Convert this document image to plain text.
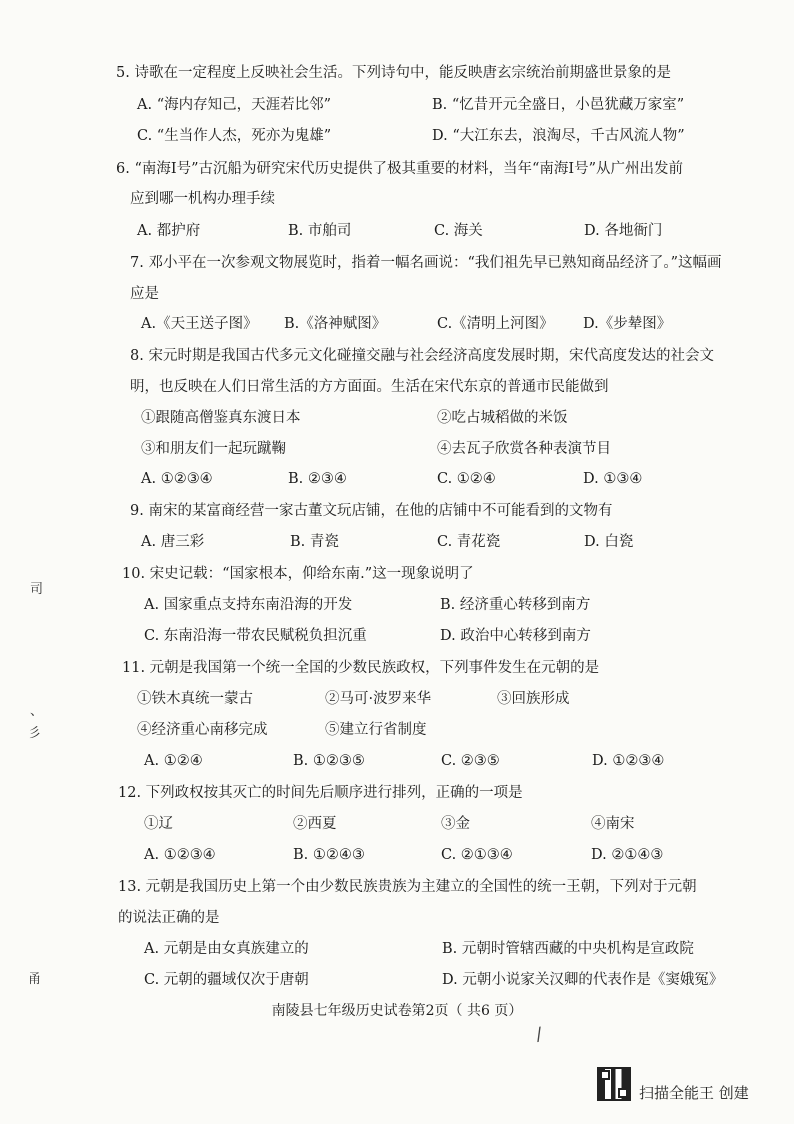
5. 诗歌在一定程度上反映社会生活。下列诗句中，能反映唐玄宗统治前期盛世景象的是
A. “海内存知己，天涯若比邻”	B. “忆昔开元全盛日，小邑犹藏万家室”
C. “生当作人杰，死亦为鬼雄”	D. “大江东去，浪淘尽，千古风流人物”
6. “南海Ⅰ号”古沉船为研究宋代历史提供了极其重要的材料，当年“南海Ⅰ号”从广州出发前
应到哪一机构办理手续
A. 都护府	B. 市舶司	C. 海关	D. 各地衙门
7. 邓小平在一次参观文物展览时，指着一幅名画说：“我们祖先早已熟知商品经济了。”这幅画
应是
A.《天王送子图》 B.《洛神赋图》	C.《清明上河图》 D.《步辇图》
8. 宋元时期是我国古代多元文化碰撞交融与社会经济高度发展时期，宋代高度发达的社会文
明，也反映在人们日常生活的方方面面。生活在宋代东京的普通市民能做到
①跟随高僧鉴真东渡日本	②吃占城稻做的米饭
③和朋友们一起玩蹴鞠	④去瓦子欣赏各种表演节目
A. ①②③④	B. ②③④	C. ①②④	D. ①③④
9. 南宋的某富商经营一家古董文玩店铺，在他的店铺中不可能看到的文物有
A. 唐三彩	B. 青瓷	C. 青花瓷	D. 白瓷
10. 宋史记载：“国家根本，仰给东南.”这一现象说明了
A. 国家重点支持东南沿海的开发	B. 经济重心转移到南方
C. 东南沿海一带农民赋税负担沉重	D. 政治中心转移到南方
11. 元朝是我国第一个统一全国的少数民族政权，下列事件发生在元朝的是
①铁木真统一蒙古	②马可·波罗来华	③回族形成
④经济重心南移完成	⑤建立行省制度
A. ①②④	B. ①②③⑤	C. ②③⑤	D. ①②③④
12. 下列政权按其灭亡的时间先后顺序进行排列，正确的一项是
①辽	②西夏	③金	④南宋
A. ①②③④	B. ①②④③	C. ②①③④	D. ②①④③
13. 元朝是我国历史上第一个由少数民族贵族为主建立的全国性的统一王朝，下列对于元朝
的说法正确的是
A. 元朝是由女真族建立的	B. 元朝时管辖西藏的中央机构是宣政院
C. 元朝的疆域仅次于唐朝	D. 元朝小说家关汉卿的代表作是《窦娥冤》
南陵县七年级历史试卷第2页（ 共6 页）
/
司
、
彡
甬
扫描全能王 创建
